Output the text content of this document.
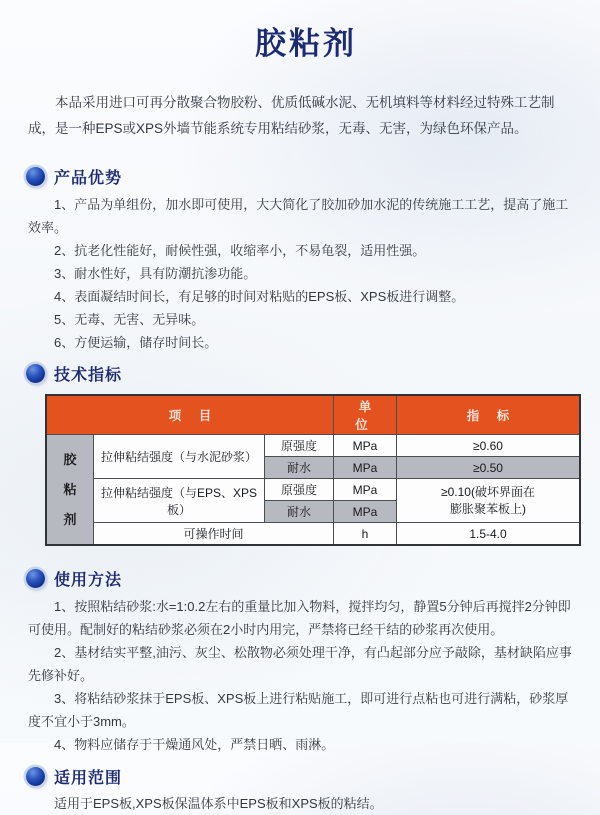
胶粘剂

本品采用进口可再分散聚合物胶粉、优质低碱水泥、无机填料等材料经过特殊工艺制成，是一种EPS或XPS外墙节能系统专用粘结砂浆，无毒、无害，为绿色环保产品。

产品优势

1、产品为单组份，加水即可使用，大大简化了胶加砂加水泥的传统施工工艺，提高了施工效率。

2、抗老化性能好，耐候性强，收缩率小，不易龟裂，适用性强。

3、耐水性好，具有防潮抗渗功能。

4、表面凝结时间长，有足够的时间对粘贴的EPS板、XPS板进行调整。

5、无毒、无害、无异味。

6、方便运输，储存时间长。

技术指标
项 目			单 位	指 标

胶
粘
剂	拉伸粘结强度（与水泥砂浆）	原强度	MPa	≥0.60
		耐水	MPa	≥0.50
	拉伸粘结强度（与EPS、XPS板）	原强度	MPa	≥0.10(破坏界面在
膨胀聚苯板上)

		耐水	MPa	
	可操作时间		h	1.5-4.0
使用方法

1、按照粘结砂浆:水=1:0.2左右的重量比加入物料，搅拌均匀，静置5分钟后再搅拌2分钟即可使用。配制好的粘结砂浆必须在2小时内用完，严禁将已经干结的砂浆再次使用。

2、基材结实平整,油污、灰尘、松散物必须处理干净，有凸起部分应予敲除，基材缺陷应事先修补好。

3、将粘结砂浆抹于EPS板、XPS板上进行粘贴施工，即可进行点粘也可进行满粘，砂浆厚度不宜小于3mm。

4、物料应储存于干燥通风处，严禁日晒、雨淋。

适用范围

适用于EPS板,XPS板保温体系中EPS板和XPS板的粘结。
